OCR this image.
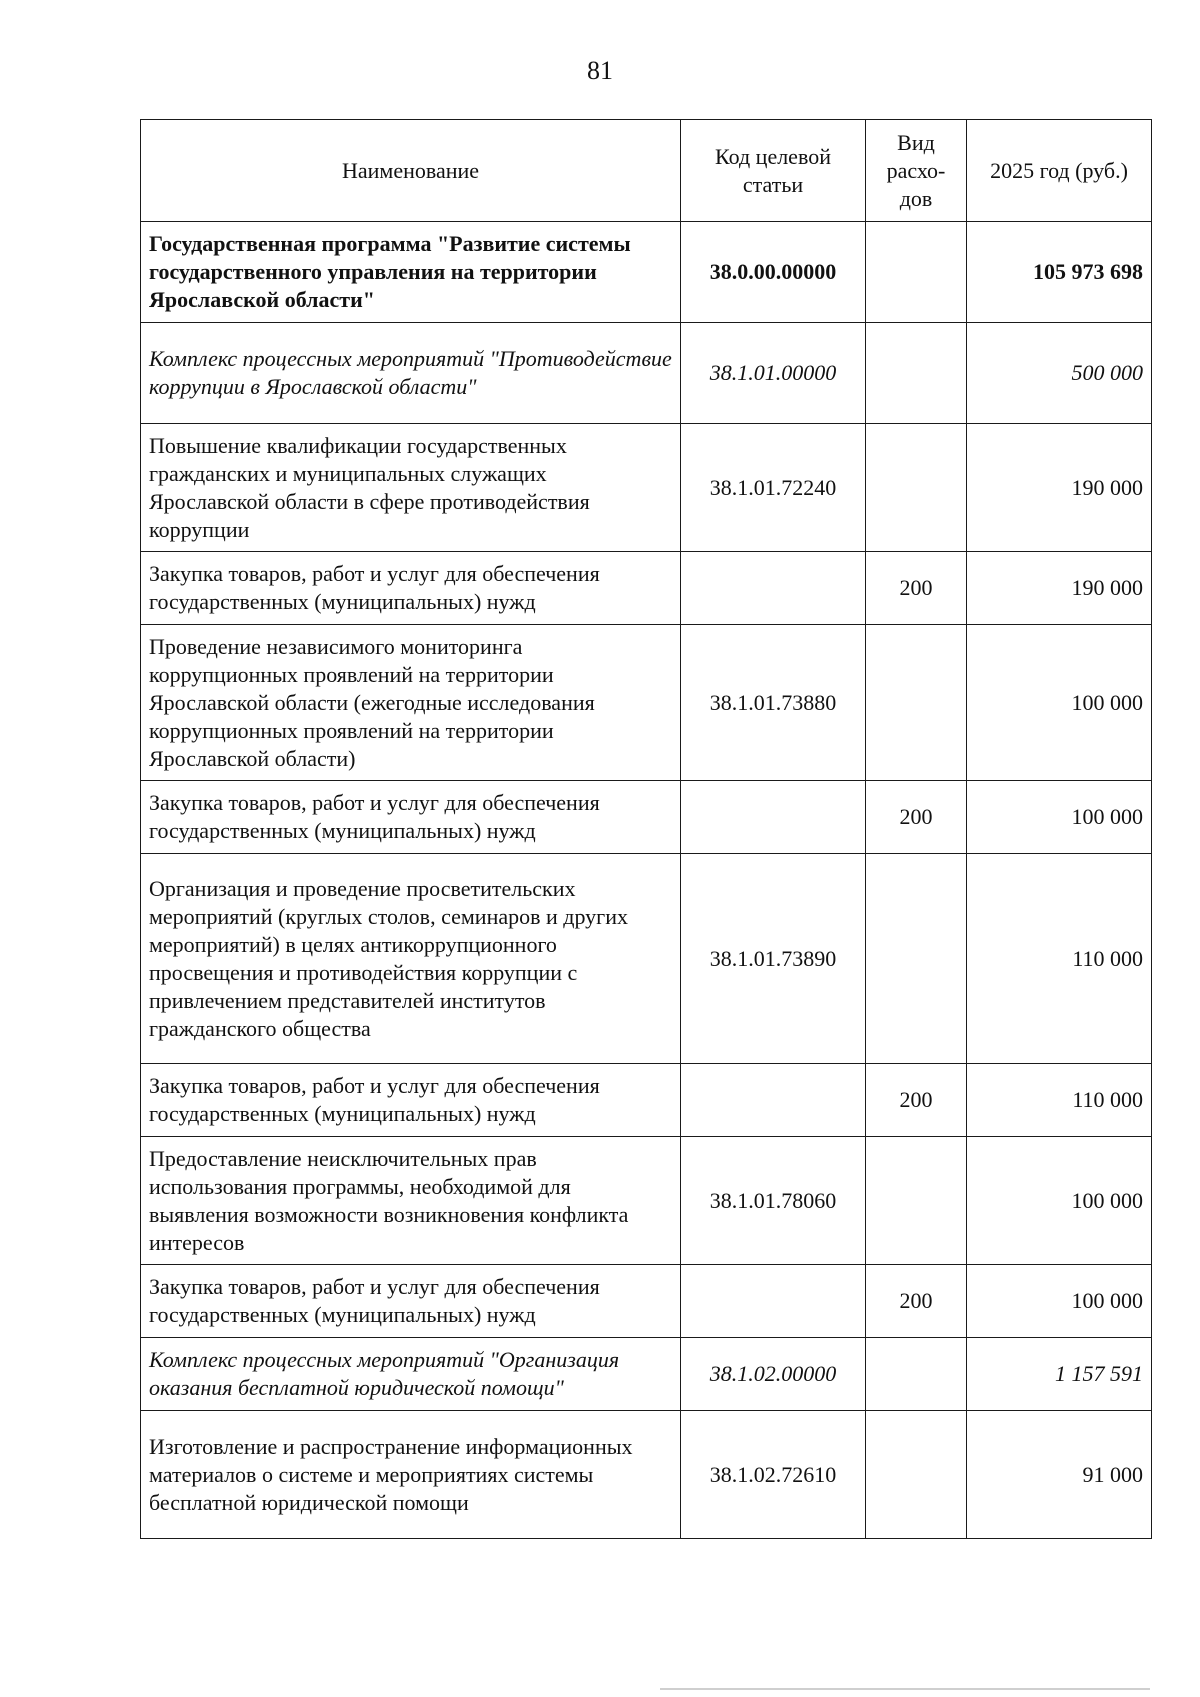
81
Наименование	Код целевой статьи	Вид расхо-дов	2025 год (руб.)
Государственная программа "Развитие системы государственного управления на территории Ярославской области"	38.0.00.00000		105 973 698
Комплекс процессных мероприятий "Противодействие коррупции в Ярославской области"	38.1.01.00000		500 000
Повышение квалификации государственных гражданских и муниципальных служащих Ярославской области в сфере противодействия коррупции	38.1.01.72240		190 000
Закупка товаров, работ и услуг для обеспечения государственных (муниципальных) нужд		200	190 000
Проведение независимого мониторинга коррупционных проявлений на территории Ярославской области (ежегодные исследования коррупционных проявлений на территории Ярославской области)	38.1.01.73880		100 000
Закупка товаров, работ и услуг для обеспечения государственных (муниципальных) нужд		200	100 000
Организация и проведение просветительских мероприятий (круглых столов, семинаров и других мероприятий) в целях антикоррупционного просвещения и противодействия коррупции с привлечением представителей институтов гражданского общества	38.1.01.73890		110 000
Закупка товаров, работ и услуг для обеспечения государственных (муниципальных) нужд		200	110 000
Предоставление неисключительных прав использования программы, необходимой для выявления возможности возникновения конфликта интересов	38.1.01.78060		100 000
Закупка товаров, работ и услуг для обеспечения государственных (муниципальных) нужд		200	100 000
Комплекс процессных мероприятий "Организация оказания бесплатной юридической помощи"	38.1.02.00000		1 157 591
Изготовление и распространение информационных материалов о системе и мероприятиях системы бесплатной юридической помощи	38.1.02.72610		91 000
